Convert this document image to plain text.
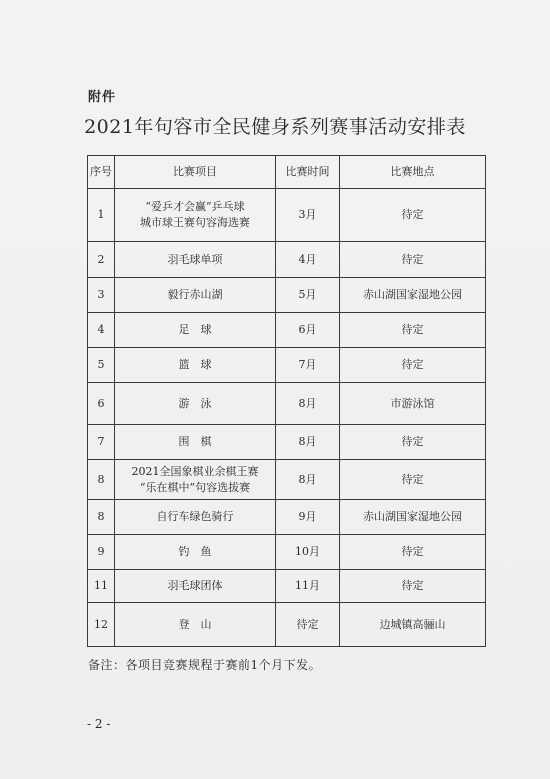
附件
2021年句容市全民健身系列赛事活动安排表
序号	比赛项目	比赛时间	比赛地点
1	“爱乒才会赢”乒乓球
城市球王赛句容海选赛	3月	待定
2	羽毛球单项	4月	待定
3	毅行赤山湖	5月	赤山湖国家湿地公园
4	足　球	6月	待定
5	篮　球	7月	待定
6	游　泳	8月	市游泳馆
7	围　棋	8月	待定
8	2021全国象棋业余棋王赛
“乐在棋中”句容选拔赛	8月	待定
8	自行车绿色骑行	9月	赤山湖国家湿地公园
9	钓　鱼	10月	待定
11	羽毛球团体	11月	待定
12	登　山	待定	边城镇高骊山
备注：各项目竞赛规程于赛前1个月下发。
- 2 -
